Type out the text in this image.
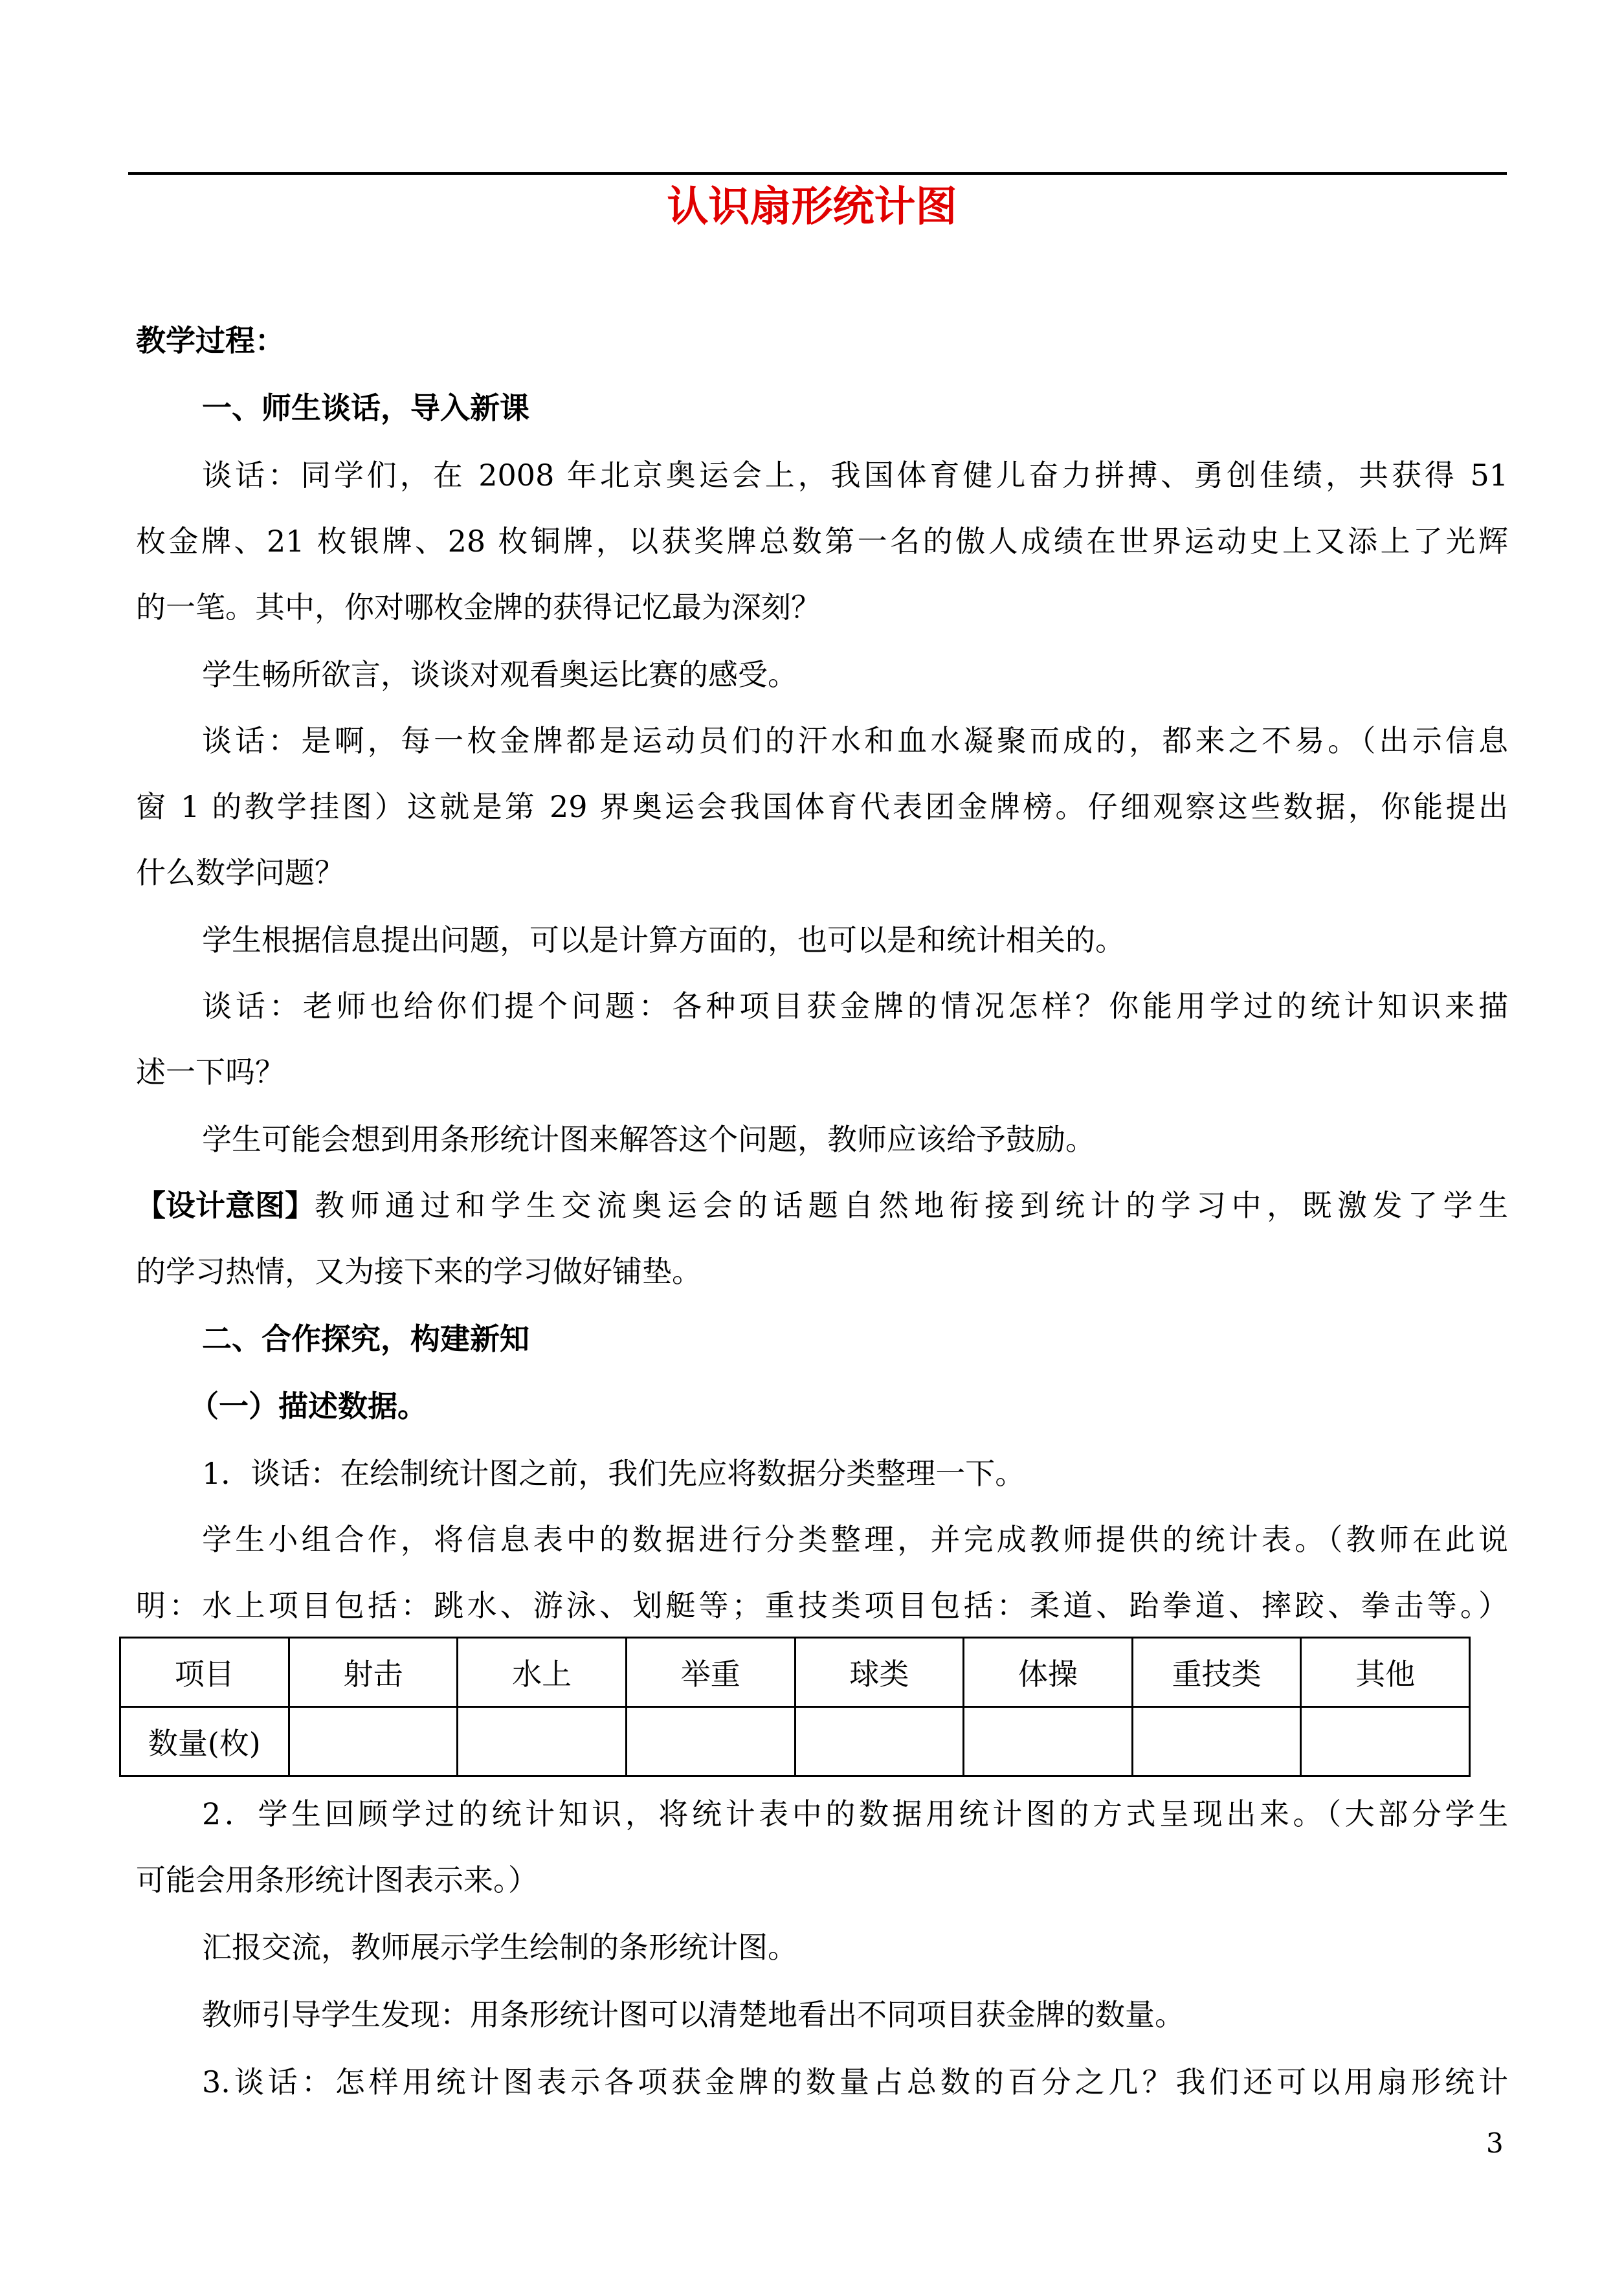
认识扇形统计图
教学过程：
一、师生谈话，导入新课
谈话：同学们，在 2008 年北京奥运会上，我国体育健儿奋力拼搏、勇创佳绩，共获得 51
枚金牌、21 枚银牌、28 枚铜牌，以获奖牌总数第一名的傲人成绩在世界运动史上又添上了光辉
的一笔。其中，你对哪枚金牌的获得记忆最为深刻？
学生畅所欲言，谈谈对观看奥运比赛的感受。
谈话：是啊，每一枚金牌都是运动员们的汗水和血水凝聚而成的，都来之不易。（出示信息
窗 1 的教学挂图）这就是第 29 界奥运会我国体育代表团金牌榜。仔细观察这些数据，你能提出
什么数学问题？
学生根据信息提出问题，可以是计算方面的，也可以是和统计相关的。
谈话：老师也给你们提个问题：各种项目获金牌的情况怎样？你能用学过的统计知识来描
述一下吗？
学生可能会想到用条形统计图来解答这个问题，教师应该给予鼓励。
【设计意图】 教师通过和学生交流奥运会的话题自然地衔接到统计的学习中，既激发了学生
的学习热情，又为接下来的学习做好铺垫。
二、合作探究，构建新知
（一）描述数据。
1．谈话：在绘制统计图之前，我们先应将数据分类整理一下。
学生小组合作，将信息表中的数据进行分类整理，并完成教师提供的统计表。（教师在此说
明：水上项目包括：跳水、游泳、划艇等；重技类项目包括：柔道、跆拳道、摔跤、拳击等。）
项目	射击	水上	举重	球类	体操	重技类	其他
数量(枚)							
2．学生回顾学过的统计知识，将统计表中的数据用统计图的方式呈现出来。（大部分学生
可能会用条形统计图表示来。）
汇报交流，教师展示学生绘制的条形统计图。
教师引导学生发现：用条形统计图可以清楚地看出不同项目获金牌的数量。
3.谈话：怎样用统计图表示各项获金牌的数量占总数的百分之几？我们还可以用扇形统计
3
